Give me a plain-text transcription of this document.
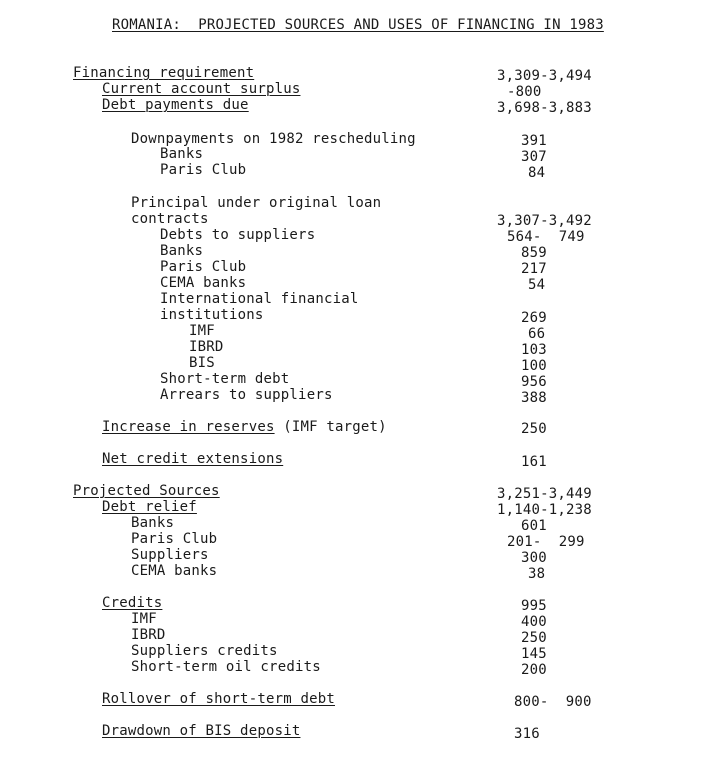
ROMANIA:  PROJECTED SOURCES AND USES OF FINANCING IN 1983
Financing requirement	3,309-3,494
Current account surplus	-800
Debt payments due	3,698-3,883
Downpayments on 1982 rescheduling	391
Banks	307
Paris Club	84
Principal under original loan
contracts	3,307-3,492
Debts to suppliers	564-  749
Banks	859
Paris Club	217
CEMA banks	54
International financial
institutions	269
IMF	66
IBRD	103
BIS	100
Short-term debt	956
Arrears to suppliers	388
Increase in reserves (IMF target)	250
Net credit extensions	161
Projected Sources	3,251-3,449
Debt relief	1,140-1,238
Banks	601
Paris Club	201-  299
Suppliers	300
CEMA banks	38
Credits	995
IMF	400
IBRD	250
Suppliers credits	145
Short-term oil credits	200
Rollover of short-term debt	800-  900
Drawdown of BIS deposit	316
